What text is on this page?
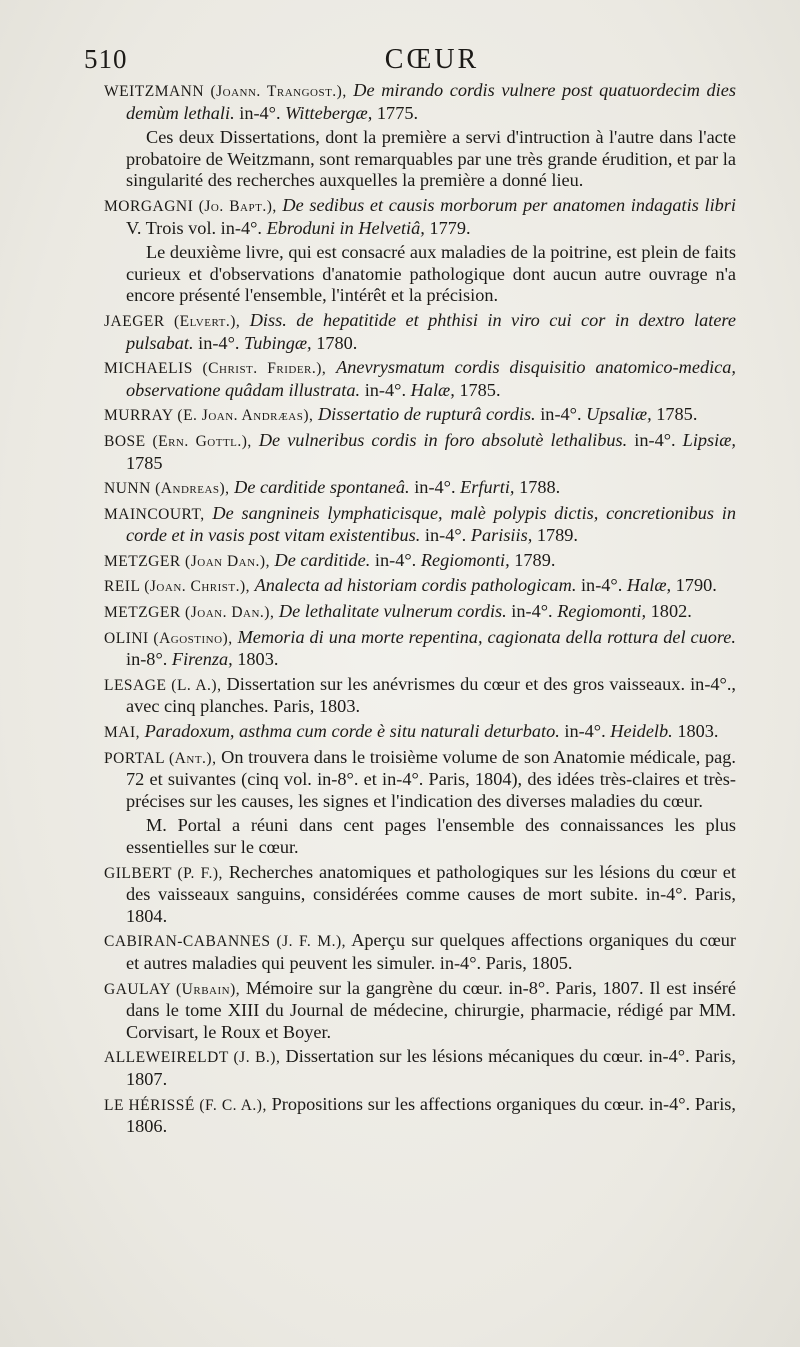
510	CŒUR

WEITZMANN (Joann. Trangost.), De mirando cordis vulnere post quatuordecim dies demùm lethali. in-4°. Wittebergæ, 1775.

Ces deux Dissertations, dont la première a servi d'intruction à l'autre dans l'acte probatoire de Weitzmann, sont remarquables par une très grande érudition, et par la singularité des recherches auxquelles la première a donné lieu.

MORGAGNI (Jo. Bapt.), De sedibus et causis morborum per anatomen indagatis libri V. Trois vol. in-4°. Ebroduni in Helvetiâ, 1779.

Le deuxième livre, qui est consacré aux maladies de la poitrine, est plein de faits curieux et d'observations d'anatomie pathologique dont aucun autre ouvrage n'a encore présenté l'ensemble, l'intérêt et la précision.

JAEGER (Elvert.), Diss. de hepatitide et phthisi in viro cui cor in dextro latere pulsabat. in-4°. Tubingæ, 1780.

MICHAELIS (Christ. Frider.), Anevrysmatum cordis disquisitio anatomico-medica, observatione quâdam illustrata. in-4°. Halæ, 1785.

MURRAY (E. Joan. Andræas), Dissertatio de rupturâ cordis. in-4°. Upsaliæ, 1785.

BOSE (Ern. Gottl.), De vulneribus cordis in foro absolutè lethalibus. in-4°. Lipsiæ, 1785

NUNN (Andreas), De carditide spontaneâ. in-4°. Erfurti, 1788.

MAINCOURT, De sangnineis lymphaticisque, malè polypis dictis, concretionibus in corde et in vasis post vitam existentibus. in-4°. Parisiis, 1789.

METZGER (Joan Dan.), De carditide. in-4°. Regiomonti, 1789.

REIL (Joan. Christ.), Analecta ad historiam cordis pathologicam. in-4°. Halæ, 1790.

METZGER (Joan. Dan.), De lethalitate vulnerum cordis. in-4°. Regiomonti, 1802.

OLINI (Agostino), Memoria di una morte repentina, cagionata della rottura del cuore. in-8°. Firenza, 1803.

LESAGE (L. A.), Dissertation sur les anévrismes du cœur et des gros vaisseaux. in-4°., avec cinq planches. Paris, 1803.

MAI, Paradoxum, asthma cum corde è situ naturali deturbato. in-4°. Heidelb. 1803.

PORTAL (Ant.), On trouvera dans le troisième volume de son Anatomie médicale, pag. 72 et suivantes (cinq vol. in-8°. et in-4°. Paris, 1804), des idées très-claires et très-précises sur les causes, les signes et l'indication des diverses maladies du cœur.

M. Portal a réuni dans cent pages l'ensemble des connaissances les plus essentielles sur le cœur.

GILBERT (P. F.), Recherches anatomiques et pathologiques sur les lésions du cœur et des vaisseaux sanguins, considérées comme causes de mort subite. in-4°. Paris, 1804.

CABIRAN-CABANNES (J. F. M.), Aperçu sur quelques affections organiques du cœur et autres maladies qui peuvent les simuler. in-4°. Paris, 1805.

GAULAY (Urbain), Mémoire sur la gangrène du cœur. in-8°. Paris, 1807. Il est inséré dans le tome XIII du Journal de médecine, chirurgie, pharmacie, rédigé par MM. Corvisart, le Roux et Boyer.

ALLEWEIRELDT (J. B.), Dissertation sur les lésions mécaniques du cœur. in-4°. Paris, 1807.

LE HÉRISSÉ (F. C. A.), Propositions sur les affections organiques du cœur. in-4°. Paris, 1806.
